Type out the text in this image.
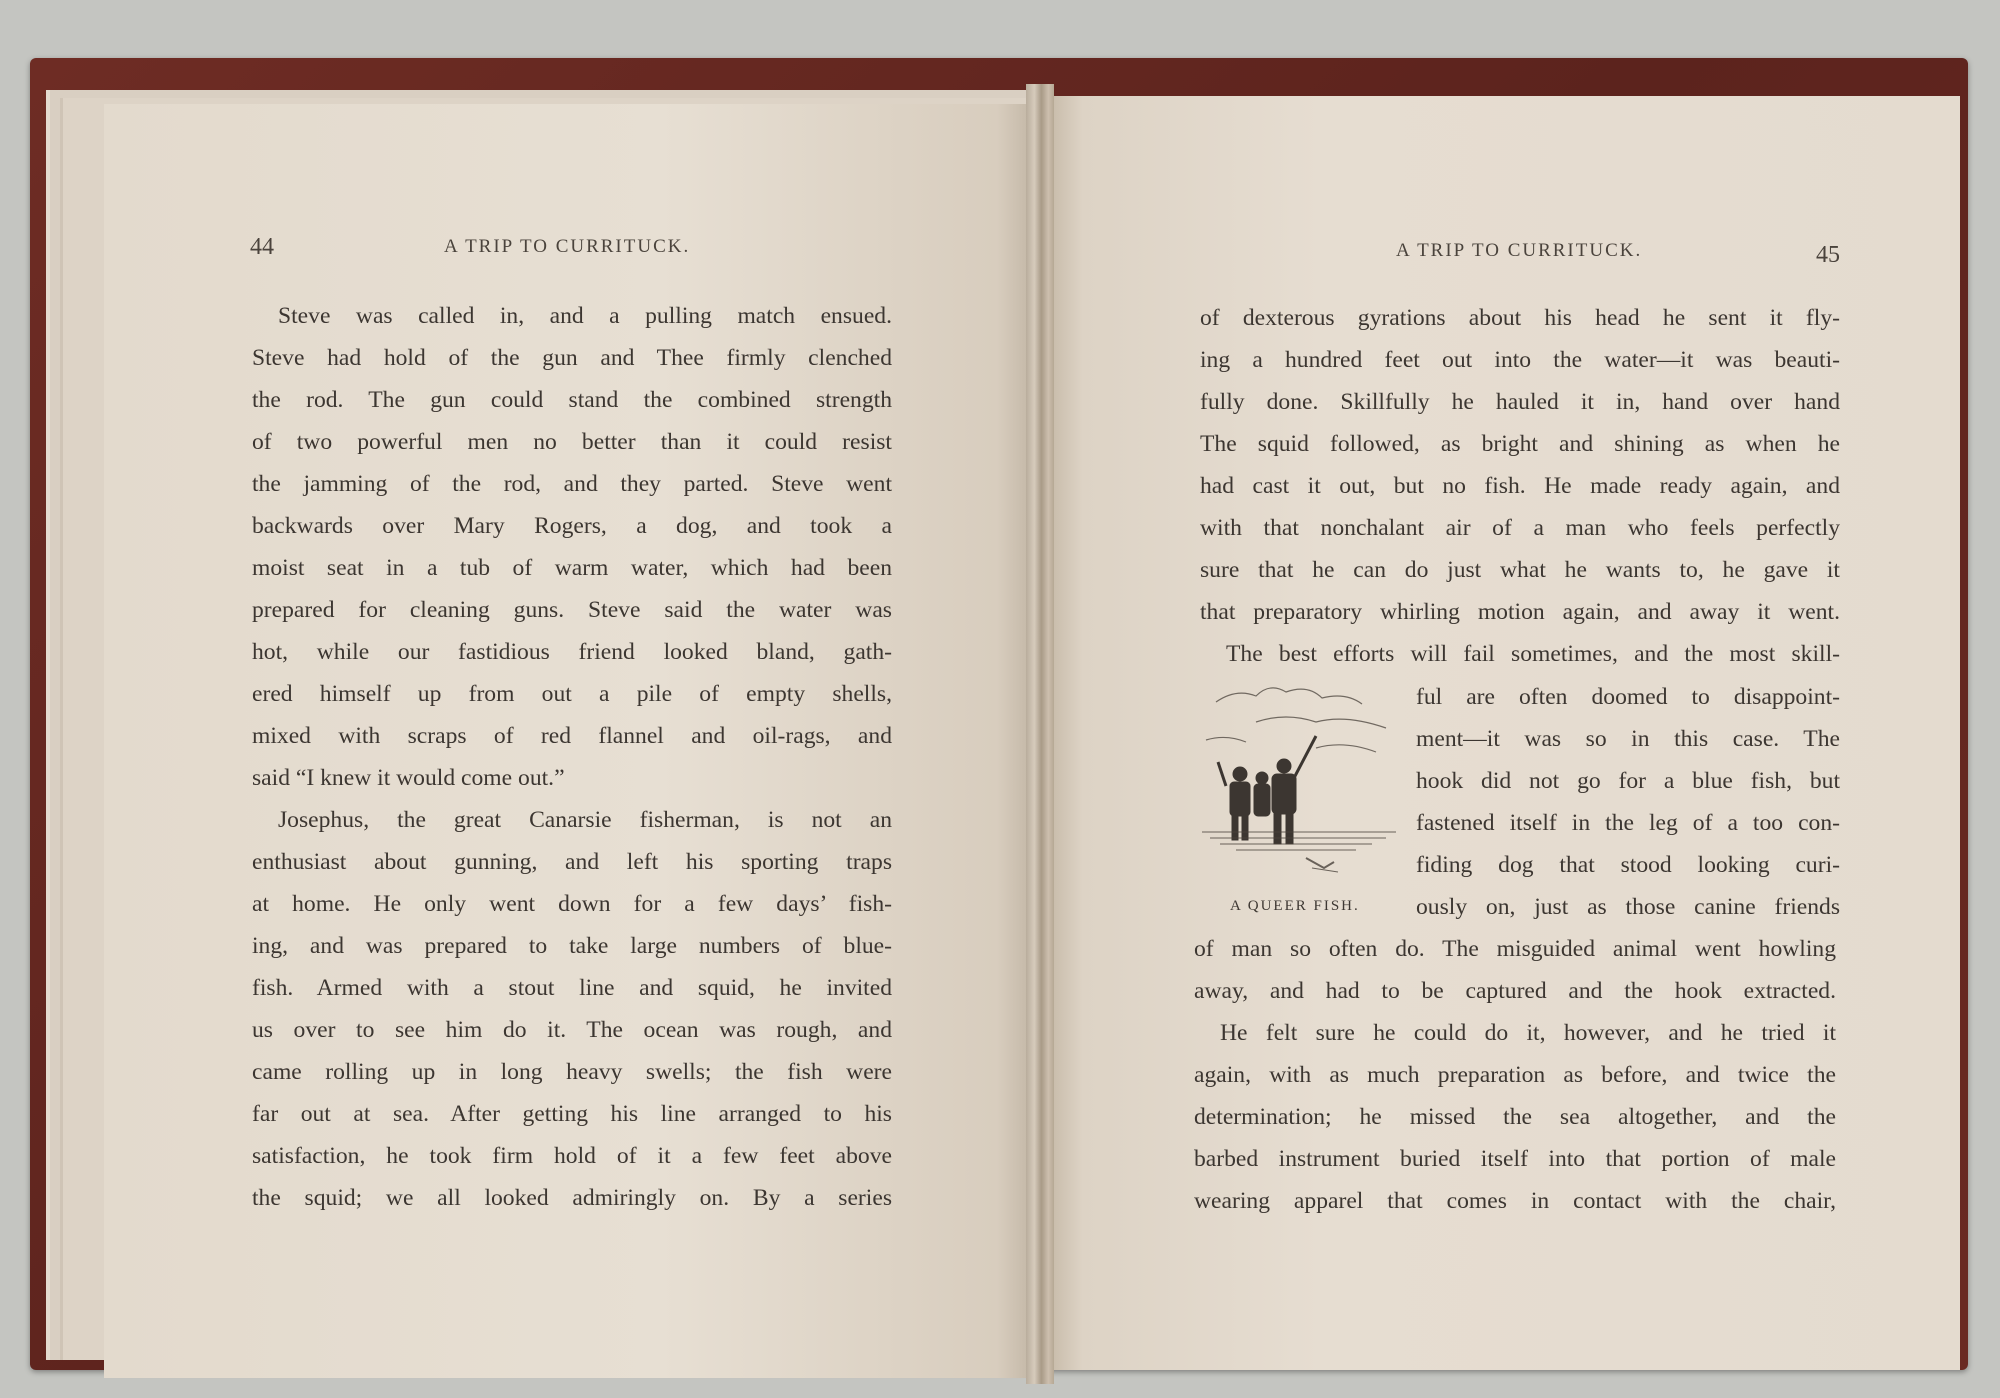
44	A TRIP TO CURRITUCK.	A TRIP TO CURRITUCK.	45
Steve was called in, and a pulling match ensued.
Steve had hold of the gun and Thee firmly clenched
the rod. The gun could stand the combined strength
of two powerful men no better than it could resist
the jamming of the rod, and they parted. Steve went
backwards over Mary Rogers, a dog, and took a
moist seat in a tub of warm water, which had been
prepared for cleaning guns. Steve said the water was
hot, while our fastidious friend looked bland, gath-
ered himself up from out a pile of empty shells,
mixed with scraps of red flannel and oil-rags, and
said “I knew it would come out.”
Josephus, the great Canarsie fisherman, is not an
enthusiast about gunning, and left his sporting traps
at home. He only went down for a few days’ fish-
ing, and was prepared to take large numbers of blue-
fish. Armed with a stout line and squid, he invited
us over to see him do it. The ocean was rough, and
came rolling up in long heavy swells; the fish were
far out at sea. After getting his line arranged to his
satisfaction, he took firm hold of it a few feet above
the squid; we all looked admiringly on. By a series
of dexterous gyrations about his head he sent it fly-
ing a hundred feet out into the water—it was beauti-
fully done. Skillfully he hauled it in, hand over hand
The squid followed, as bright and shining as when he
had cast it out, but no fish. He made ready again, and
with that nonchalant air of a man who feels perfectly
sure that he can do just what he wants to, he gave it
that preparatory whirling motion again, and away it went.
The best efforts will fail sometimes, and the most skill-
ful are often doomed to disappoint-
ment—it was so in this case. The
hook did not go for a blue fish, but
fastened itself in the leg of a too con-
fiding dog that stood looking curi-
ously on, just as those canine friends
of man so often do. The misguided animal went howling
away, and had to be captured and the hook extracted.
He felt sure he could do it, however, and he tried it
again, with as much preparation as before, and twice the
determination; he missed the sea altogether, and the
barbed instrument buried itself into that portion of male
wearing apparel that comes in contact with the chair,
A QUEER FISH.
